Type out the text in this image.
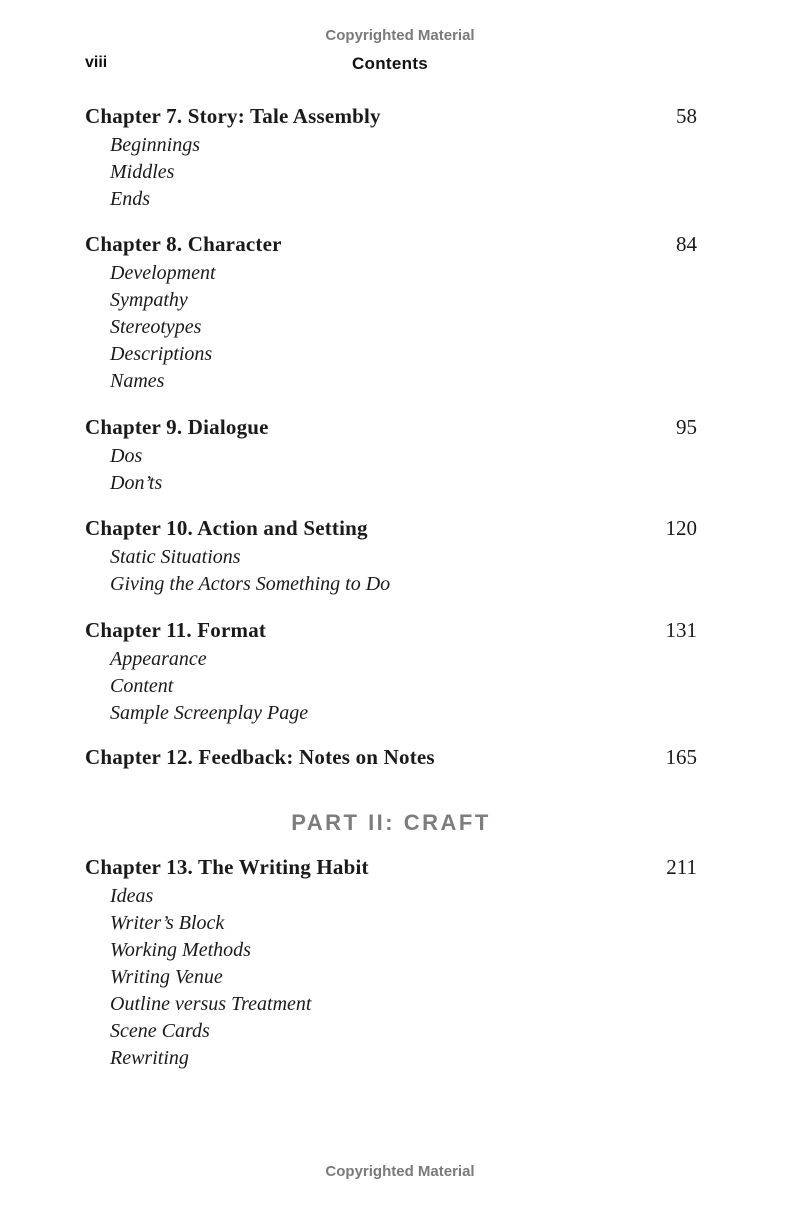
Copyrighted Material
viii	Contents
Chapter 7. Story: Tale Assembly	58
Beginnings
Middles
Ends
Chapter 8. Character	84
Development
Sympathy
Stereotypes
Descriptions
Names
Chapter 9. Dialogue	95
Dos
Don’ts
Chapter 10. Action and Setting	120
Static Situations
Giving the Actors Something to Do
Chapter 11. Format	131
Appearance
Content
Sample Screenplay Page
Chapter 12. Feedback: Notes on Notes	165
Chapter 13. The Writing Habit	211
Ideas
Writer’s Block
Working Methods
Writing Venue
Outline versus Treatment
Scene Cards
Rewriting
PART II: CRAFT
Copyrighted Material
